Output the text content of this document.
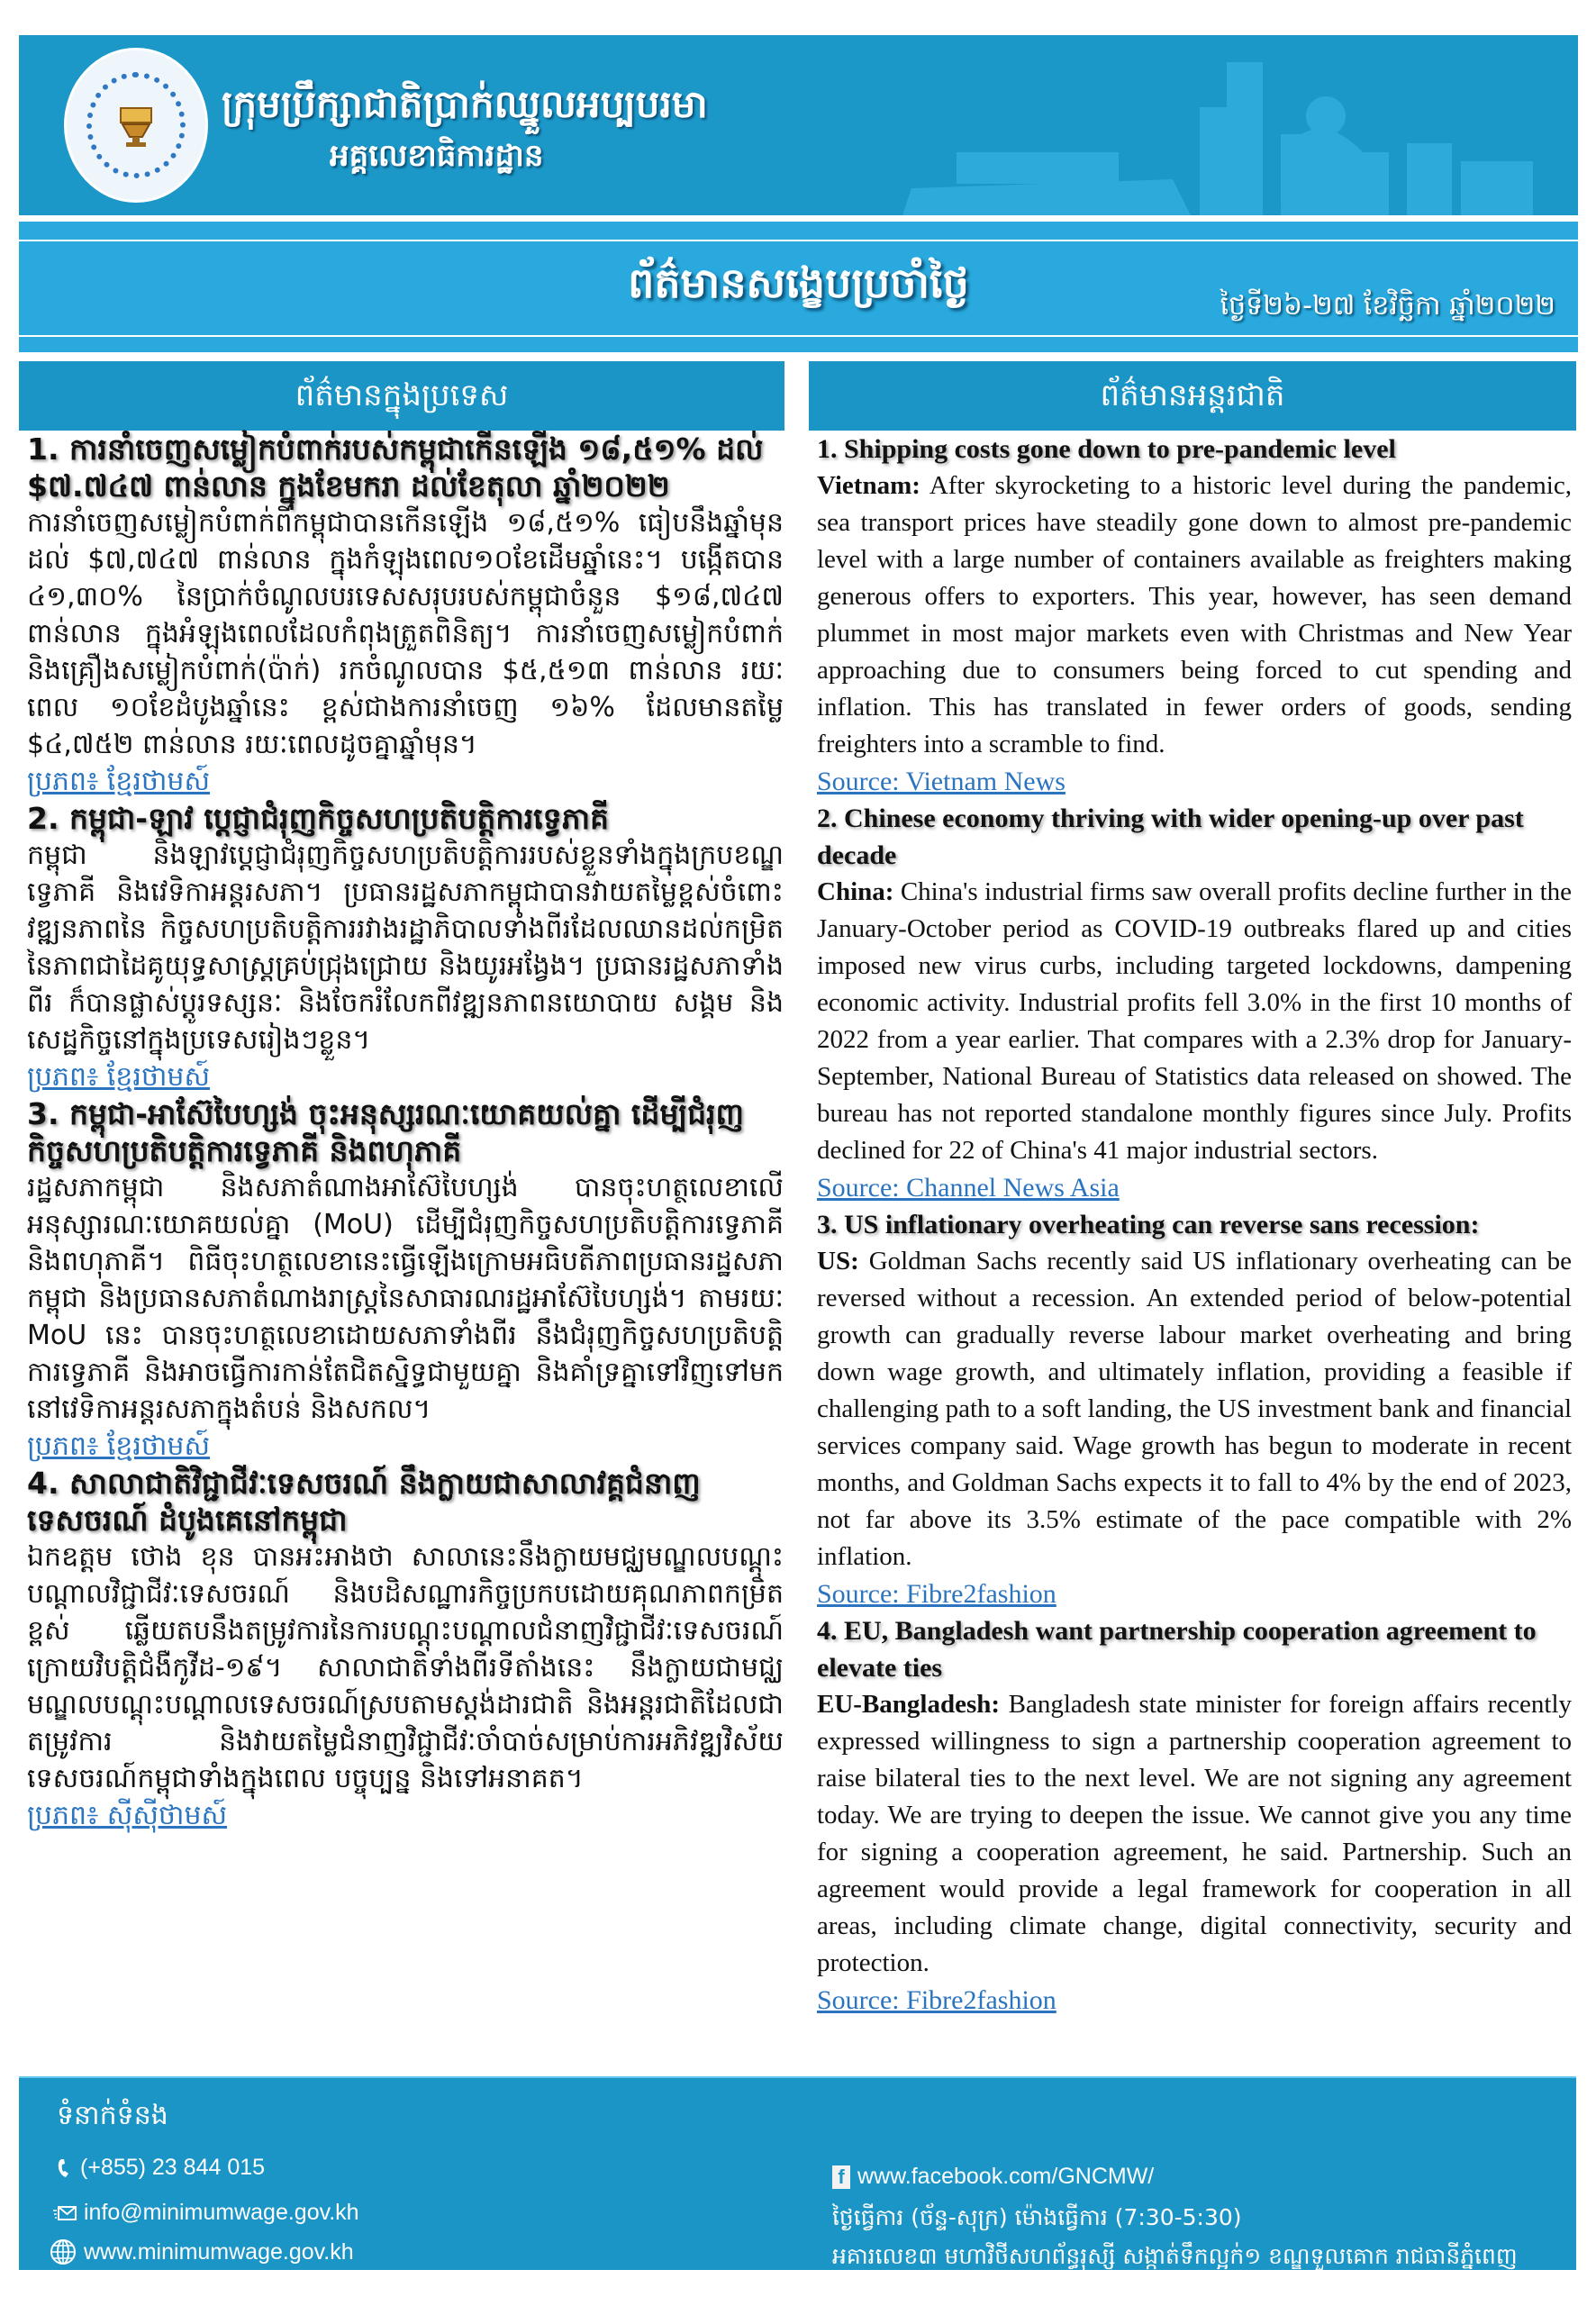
ក្រុមប្រឹក្សាជាតិប្រាក់ឈ្នួលអប្បបរមា
អគ្គលេខាធិការដ្ឋាន
ព័ត៌មានសង្ខេបប្រចាំថ្ងៃ	ថ្ងៃទី២៦-២៧ ខែវិច្ឆិកា ឆ្នាំ២០២២
ព័ត៌មានក្នុងប្រទេស	ព័ត៌មានអន្តរជាតិ

1. ការនាំចេញសម្លៀកបំពាក់របស់កម្ពុជាកើនឡើង ១៨,៥១% ដល់ $៧.៧៤៧ ពាន់លាន ក្នុងខែមករា ដល់ខែតុលា ឆ្នាំ២០២២

ការនាំចេញសម្លៀកបំពាក់ពីកម្ពុជាបានកើនឡើង ១៨,៥១% ធៀបនឹងឆ្នាំមុន ដល់ $៧,៧៤៧ ពាន់លាន ក្នុងកំឡុងពេល១០ខែដើមឆ្នាំនេះ។ បង្កើតបាន ៤១,៣០% នៃប្រាក់ចំណូលបរទេសសរុបរបស់កម្ពុជាចំនួន $១៨,៧៤៧ ពាន់លាន ក្នុងអំឡុងពេលដែលកំពុងត្រួតពិនិត្យ។ ការនាំចេញសម្លៀកបំពាក់ និងគ្រឿងសម្លៀកបំពាក់(ប៉ាក់) រកចំណូលបាន $៥,៥១៣ ពាន់លាន រយៈពេល ១០ខែដំបូងឆ្នាំនេះ ខ្ពស់ជាងការនាំចេញ ១៦% ដែលមានតម្លៃ $៤,៧៥២ ពាន់លាន រយៈពេលដូចគ្នាឆ្នាំមុន។

ប្រភព៖ ខ្មែរថាមស៍

2. កម្ពុជា-ឡាវ ប្តេជ្ញាជំរុញកិច្ចសហប្រតិបត្តិការទ្វេភាគី

កម្ពុជា និងឡាវប្តេជ្ញាជំរុញកិច្ចសហប្រតិបត្តិការរបស់ខ្លួនទាំងក្នុងក្របខណ្ឌទ្វេភាគី និងវេទិកាអន្តរសភា។ ប្រធានរដ្ឋសភាកម្ពុជាបានវាយតម្លៃខ្ពស់ចំពោះវឌ្ឍនភាពនៃ កិច្ចសហប្រតិបត្តិការរវាងរដ្ឋាភិបាលទាំងពីរដែលឈានដល់កម្រិតនៃភាពជាដៃគូយុទ្ធសាស្ត្រគ្រប់ជ្រុងជ្រោយ និងយូរអង្វែង។ ប្រធានរដ្ឋសភាទាំងពីរ ក៏បានផ្លាស់ប្តូរទស្សនៈ និងចែករំលែកពីវឌ្ឍនភាពនយោបាយ សង្គម និងសេដ្ឋកិច្ចនៅក្នុងប្រទេសរៀងៗខ្លួន។

ប្រភព៖ ខ្មែរថាមស៍

3. កម្ពុជា-អាស៊ែបៃហ្សង់ ចុះអនុស្សរណៈយោគយល់គ្នា ដើម្បីជំរុញកិច្ចសហប្រតិបត្តិការទ្វេភាគី និងពហុភាគី

រដ្ឋសភាកម្ពុជា និងសភាតំណាងអាស៊ែបៃហ្សង់ បានចុះហត្ថលេខាលើអនុស្សារណៈយោគយល់គ្នា (MoU) ដើម្បីជំរុញកិច្ចសហប្រតិបត្តិការទ្វេភាគី និងពហុភាគី។ ពិធីចុះហត្ថលេខានេះធ្វើឡើងក្រោមអធិបតីភាពប្រធានរដ្ឋសភាកម្ពុជា និងប្រធានសភាតំណាងរាស្ត្រនៃសាធារណរដ្ឋអាស៊ែបៃហ្សង់។ តាមរយៈ MoU នេះ បានចុះហត្ថលេខាដោយសភាទាំងពីរ នឹងជំរុញកិច្ចសហប្រតិបត្តិការទ្វេភាគី និងអាចធ្វើការកាន់តែជិតស្និទ្ធជាមួយគ្នា និងគាំទ្រគ្នាទៅវិញទៅមកនៅវេទិកាអន្តរសភាក្នុងតំបន់ និងសកល។

ប្រភព៖ ខ្មែរថាមស៍

4. សាលាជាតិវិជ្ជាជីវៈទេសចរណ៍ នឹងក្លាយជាសាលាវគ្គជំនាញទេសចរណ៍ ដំបូងគេនៅកម្ពុជា

ឯកឧត្តម ថោង ខុន បានអះអាងថា សាលានេះនឹងក្លាយមជ្ឈមណ្ឌលបណ្តុះបណ្តាលវិជ្ជាជីវៈទេសចរណ៍ និងបដិសណ្ឋារកិច្ចប្រកបដោយគុណភាពកម្រិតខ្ពស់ ឆ្លើយតបនឹងតម្រូវការនៃការបណ្តុះបណ្តាលជំនាញវិជ្ជាជីវៈទេសចរណ៍ ក្រោយវិបត្តិជំងឺកូវីដ-១៩។ សាលាជាតិទាំងពីរទីតាំងនេះ នឹងក្លាយជាមជ្ឈមណ្ឌលបណ្តុះបណ្តាលទេសចរណ៍ស្របតាមស្តង់ដារជាតិ និងអន្តរជាតិដែលជាតម្រូវការ និងវាយតម្លៃជំនាញវិជ្ជាជីវៈចាំបាច់សម្រាប់ការអភិវឌ្ឍវិស័យទេសចរណ៍កម្ពុជាទាំងក្នុងពេល បច្ចុប្បន្ន និងទៅអនាគត។

ប្រភព៖ ស៊ីស៊ីថាមស៍

1. Shipping costs gone down to pre-pandemic level

Vietnam: After skyrocketing to a historic level during the pandemic, sea transport prices have steadily gone down to almost pre-pandemic level with a large number of containers available as freighters making generous offers to exporters. This year, however, has seen demand plummet in most major markets even with Christmas and New Year approaching due to consumers being forced to cut spending and inflation. This has translated in fewer orders of goods, sending freighters into a scramble to find.

Source: Vietnam News

2. Chinese economy thriving with wider opening-up over past decade

China: China's industrial firms saw overall profits decline further in the January-October period as COVID-19 outbreaks flared up and cities imposed new virus curbs, including targeted lockdowns, dampening economic activity. Industrial profits fell 3.0% in the first 10 months of 2022 from a year earlier. That compares with a 2.3% drop for January-September, National Bureau of Statistics data released on showed. The bureau has not reported standalone monthly figures since July. Profits declined for 22 of China's 41 major industrial sectors.

Source: Channel News Asia

3. US inflationary overheating can reverse sans recession:

US: Goldman Sachs recently said US inflationary overheating can be reversed without a recession. An extended period of below-potential growth can gradually reverse labour market overheating and bring down wage growth, and ultimately inflation, providing a feasible if challenging path to a soft landing, the US investment bank and financial services company said. Wage growth has begun to moderate in recent months, and Goldman Sachs expects it to fall to 4% by the end of 2023, not far above its 3.5% estimate of the pace compatible with 2% inflation.

Source: Fibre2fashion

4. EU, Bangladesh want partnership cooperation agreement to elevate ties

EU-Bangladesh: Bangladesh state minister for foreign affairs recently expressed willingness to sign a partnership cooperation agreement to raise bilateral ties to the next level. We are not signing any agreement today. We are trying to deepen the issue. We cannot give you any time for signing a cooperation agreement, he said. Partnership. Such an agreement would provide a legal framework for cooperation in all areas, including climate change, digital connectivity, security and protection.

Source: Fibre2fashion
ទំនាក់ទំនង
(+855) 23 844 015
info@minimumwage.gov.kh
www.minimumwage.gov.kh
f www.facebook.com/GNCMW/
ថ្ងៃធ្វើការ (ច័ន្ទ-សុក្រ) ម៉ោងធ្វើការ (7:30-5:30)
អគារលេខ៣ មហាវិថីសហព័ន្ធរុស្ស៊ី សង្កាត់ទឹកល្អក់១ ខណ្ឌទួលគោក រាជធានីភ្នំពេញ
